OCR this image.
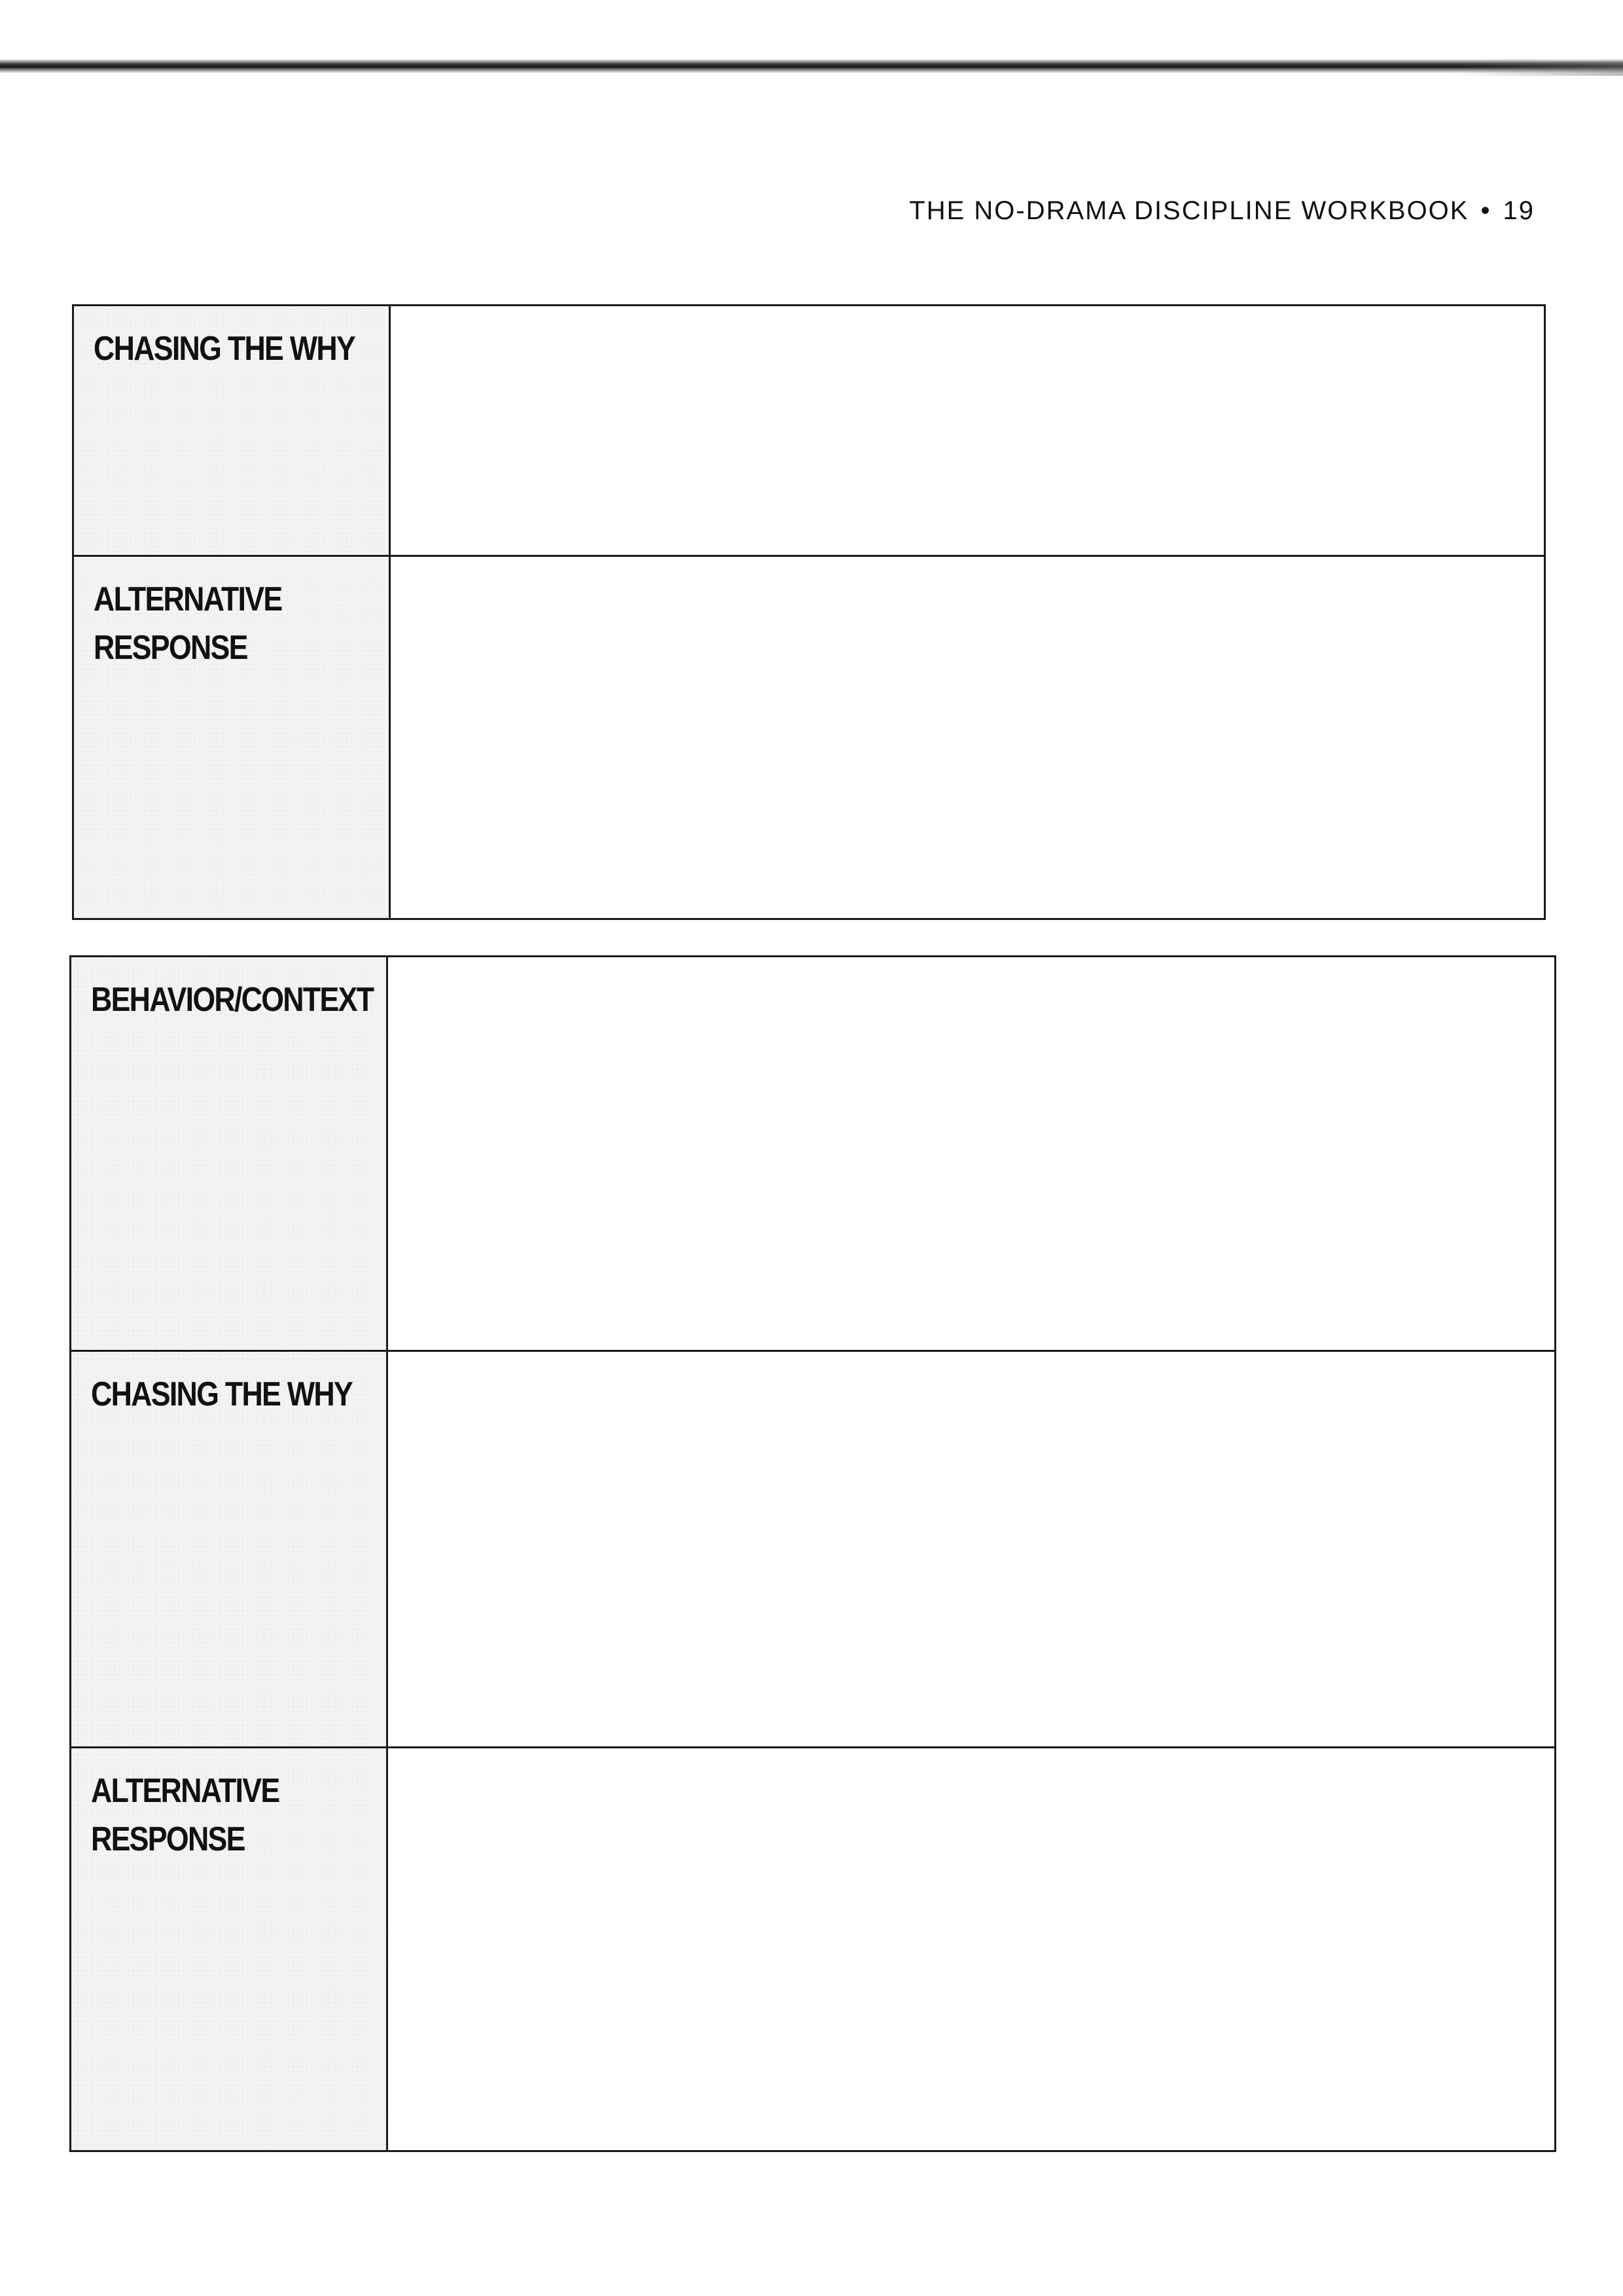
THE NO-DRAMA DISCIPLINE WORKBOOK • 19
CHASING THE WHY
ALTERNATIVE
RESPONSE
BEHAVIOR/CONTEXT
CHASING THE WHY
ALTERNATIVE
RESPONSE
